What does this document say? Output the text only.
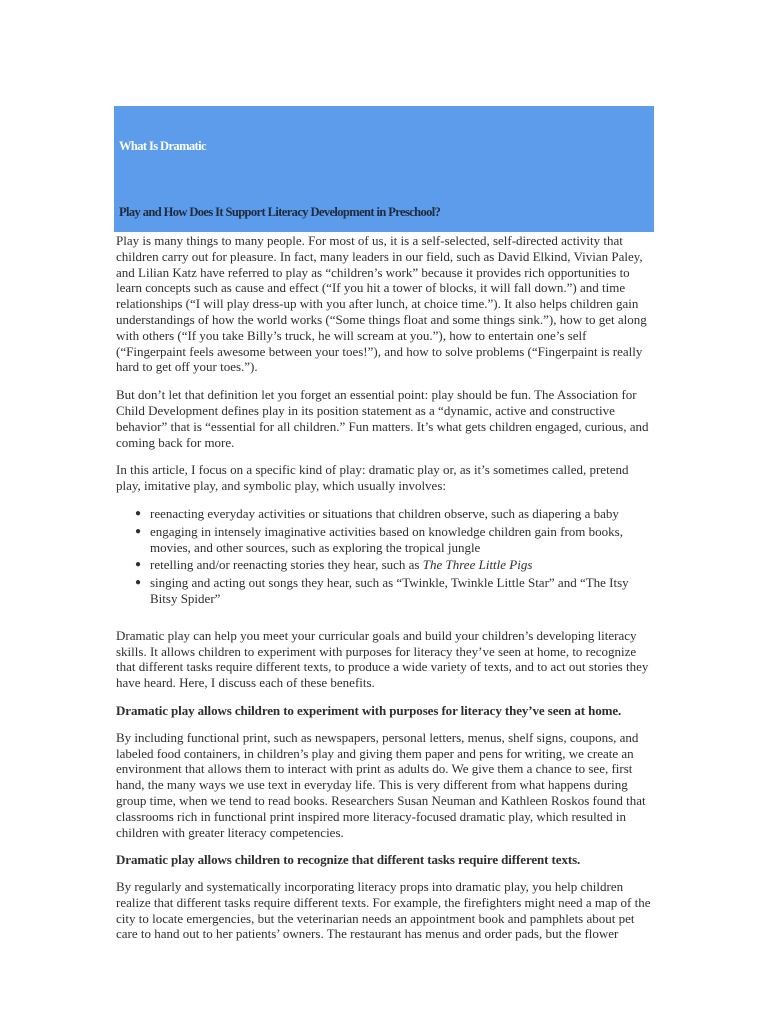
What Is Dramatic
Play and How Does It Support Literacy Development in Preschool?

Play is many things to many people. For most of us, it is a self-selected, self-directed activity that children carry out for pleasure. In fact, many leaders in our field, such as David Elkind, Vivian Paley, and Lilian Katz have referred to play as “children’s work” because it provides rich opportunities to learn concepts such as cause and effect (“If you hit a tower of blocks, it will fall down.”) and time relationships (“I will play dress-up with you after lunch, at choice time.”). It also helps children gain understandings of how the world works (“Some things float and some things sink.”), how to get along with others (“If you take Billy’s truck, he will scream at you.”), how to entertain one’s self (“Fingerpaint feels awesome between your toes!”), and how to solve problems (“Fingerpaint is really hard to get off your toes.”).

But don’t let that definition let you forget an essential point: play should be fun. The Association for Child Development defines play in its position statement as a “dynamic, active and constructive behavior” that is “essential for all children.” Fun matters. It’s what gets children engaged, curious, and coming back for more.

In this article, I focus on a specific kind of play: dramatic play or, as it’s sometimes called, pretend play, imitative play, and symbolic play, which usually involves:

● reenacting everyday activities or situations that children observe, such as diapering a baby
● engaging in intensely imaginative activities based on knowledge children gain from books, movies, and other sources, such as exploring the tropical jungle
● retelling and/or reenacting stories they hear, such as The Three Little Pigs
● singing and acting out songs they hear, such as “Twinkle, Twinkle Little Star” and “The Itsy Bitsy Spider”

Dramatic play can help you meet your curricular goals and build your children’s developing literacy skills. It allows children to experiment with purposes for literacy they’ve seen at home, to recognize that different tasks require different texts, to produce a wide variety of texts, and to act out stories they have heard. Here, I discuss each of these benefits.

Dramatic play allows children to experiment with purposes for literacy they’ve seen at home.

By including functional print, such as newspapers, personal letters, menus, shelf signs, coupons, and labeled food containers, in children’s play and giving them paper and pens for writing, we create an environment that allows them to interact with print as adults do. We give them a chance to see, first hand, the many ways we use text in everyday life. This is very different from what happens during group time, when we tend to read books. Researchers Susan Neuman and Kathleen Roskos found that classrooms rich in functional print inspired more literacy-focused dramatic play, which resulted in children with greater literacy competencies.

Dramatic play allows children to recognize that different tasks require different texts.

By regularly and systematically incorporating literacy props into dramatic play, you help children realize that different tasks require different texts. For example, the firefighters might need a map of the city to locate emergencies, but the veterinarian needs an appointment book and pamphlets about pet care to hand out to her patients’ owners. The restaurant has menus and order pads, but the flower
